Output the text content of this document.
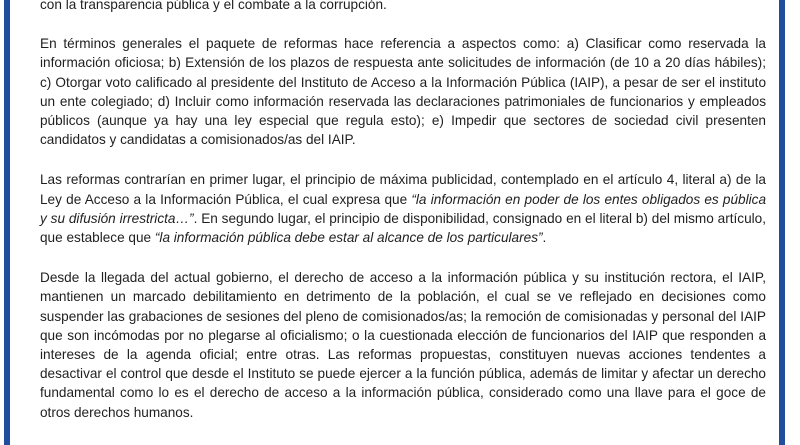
con la transparencia pública y el combate a la corrupción.

En términos generales el paquete de reformas hace referencia a aspectos como: a) Clasificar como reservada la información oficiosa; b) Extensión de los plazos de respuesta ante solicitudes de información (de 10 a 20 días hábiles); c) Otorgar voto calificado al presidente del Instituto de Acceso a la Información Pública (IAIP), a pesar de ser el instituto un ente colegiado; d) Incluir como información reservada las declaraciones patrimoniales de funcionarios y empleados públicos (aunque ya hay una ley especial que regula esto); e) Impedir que sectores de sociedad civil presenten candidatos y candidatas a comisionados/as del IAIP.

Las reformas contrarían en primer lugar, el principio de máxima publicidad, contemplado en el artículo 4, literal a) de la Ley de Acceso a la Información Pública, el cual expresa que “la información en poder de los entes obligados es pública y su difusión irrestricta…”. En segundo lugar, el principio de disponibilidad, consignado en el literal b) del mismo artículo, que establece que “la información pública debe estar al alcance de los particulares”.

Desde la llegada del actual gobierno, el derecho de acceso a la información pública y su institución rectora, el IAIP, mantienen un marcado debilitamiento en detrimento de la población, el cual se ve reflejado en decisiones como suspender las grabaciones de sesiones del pleno de comisionados/as; la remoción de comisionadas y personal del IAIP que son incómodas por no plegarse al oficialismo; o la cuestionada elección de funcionarios del IAIP que responden a intereses de la agenda oficial; entre otras. Las reformas propuestas, constituyen nuevas acciones tendentes a desactivar el control que desde el Instituto se puede ejercer a la función pública, además de limitar y afectar un derecho fundamental como lo es el derecho de acceso a la información pública, considerado como una llave para el goce de otros derechos humanos.
